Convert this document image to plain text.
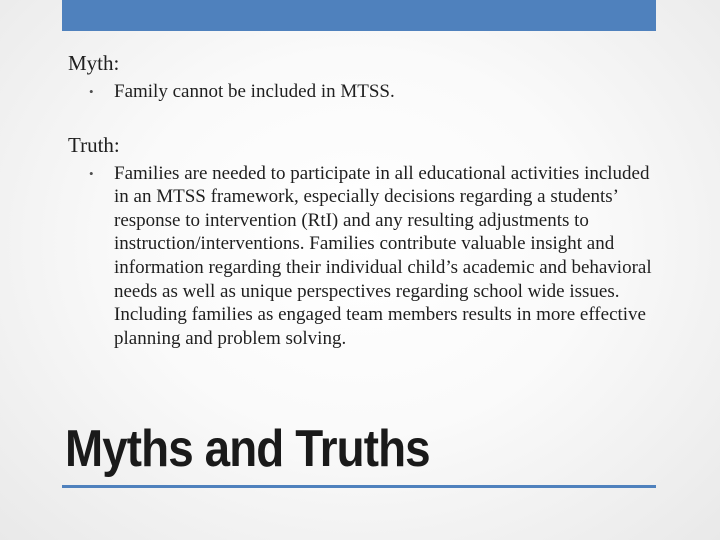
Myth:
• Family cannot be included in MTSS.
Truth:
• Families are needed to participate in all educational activities included in an MTSS framework, especially decisions regarding a students’ response to intervention (RtI) and any resulting adjustments to instruction/interventions. Families contribute valuable insight and information regarding their individual child’s academic and behavioral needs as well as unique perspectives regarding school wide issues. Including families as engaged team members results in more effective planning and problem solving.
Myths and Truths
